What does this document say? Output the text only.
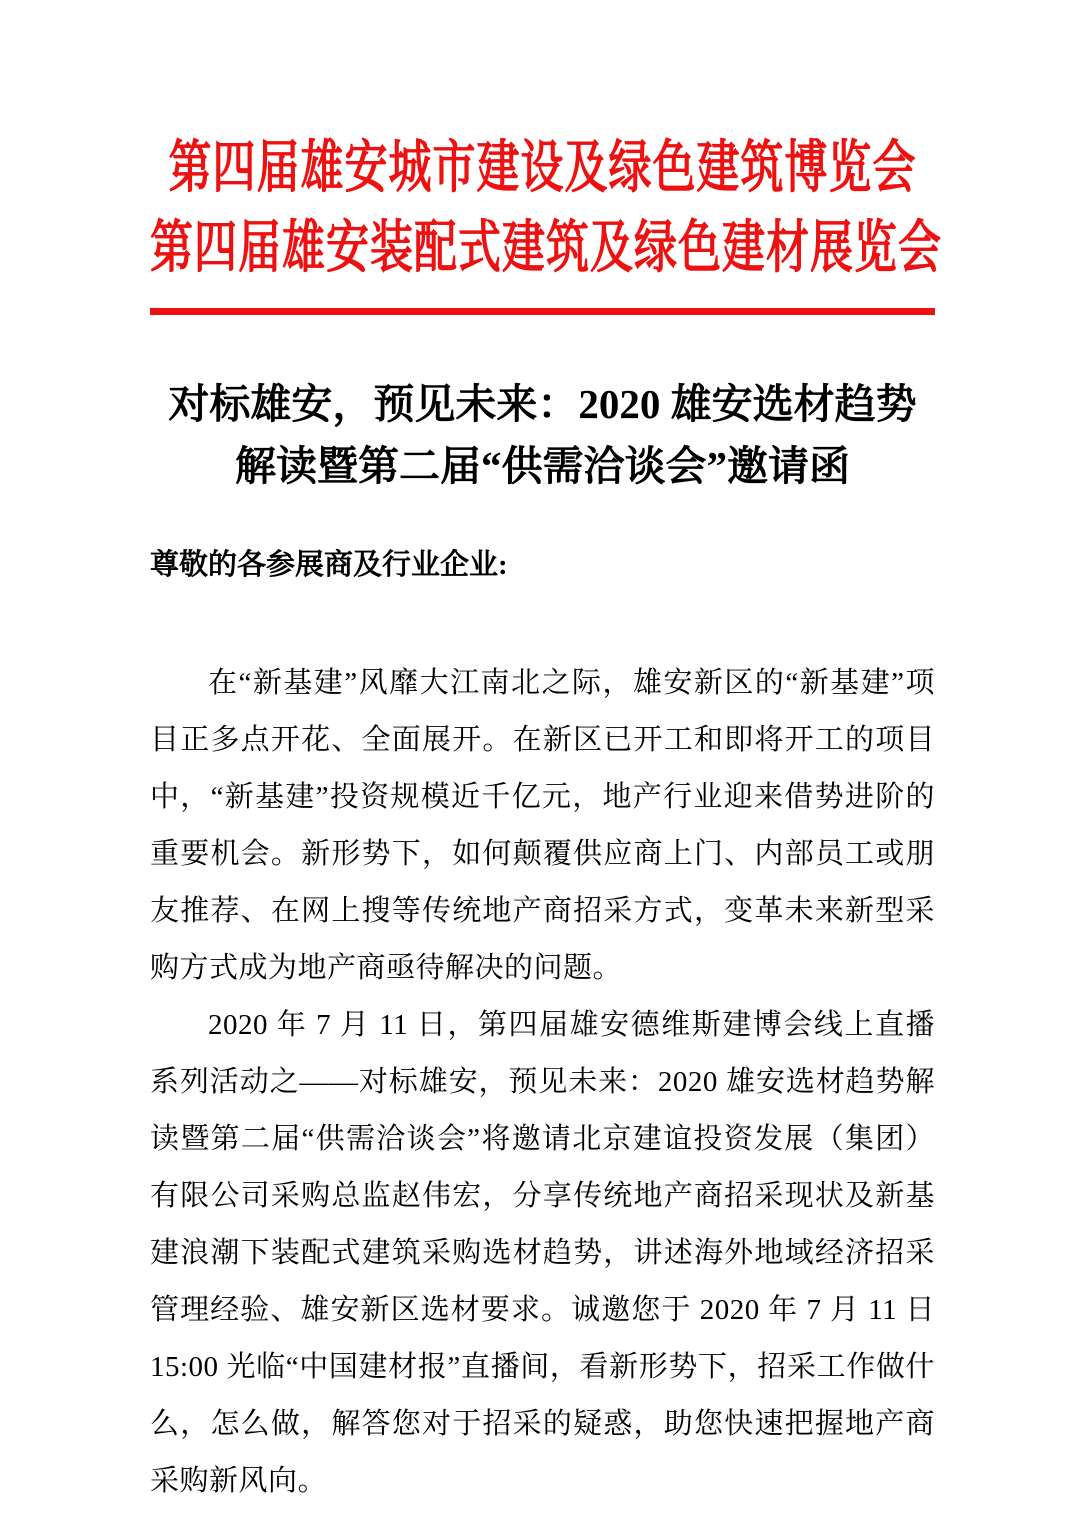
第四届雄安城市建设及绿色建筑博览会
第四届雄安装配式建筑及绿色建材展览会
对标雄安，预见未来：2020 雄安选材趋势
解读暨第二届“供需洽谈会”邀请函
尊敬的各参展商及行业企业:

在“新基建”风靡大江南北之际，雄安新区的“新基建”项目正多点开花、全面展开。在新区已开工和即将开工的项目中，“新基建”投资规模近千亿元，地产行业迎来借势进阶的重要机会。新形势下，如何颠覆供应商上门、内部员工或朋友推荐、在网上搜等传统地产商招采方式，变革未来新型采购方式成为地产商亟待解决的问题。

2020 年 7 月 11 日，第四届雄安德维斯建博会线上直播系列活动之——对标雄安，预见未来：2020 雄安选材趋势解读暨第二届“供需洽谈会”将邀请北京建谊投资发展（集团）有限公司采购总监赵伟宏，分享传统地产商招采现状及新基建浪潮下装配式建筑采购选材趋势，讲述海外地域经济招采管理经验、雄安新区选材要求。诚邀您于 2020 年 7 月 11 日 15:00 光临“中国建材报”直播间，看新形势下，招采工作做什么，怎么做，解答您对于招采的疑惑，助您快速把握地产商采购新风向。
